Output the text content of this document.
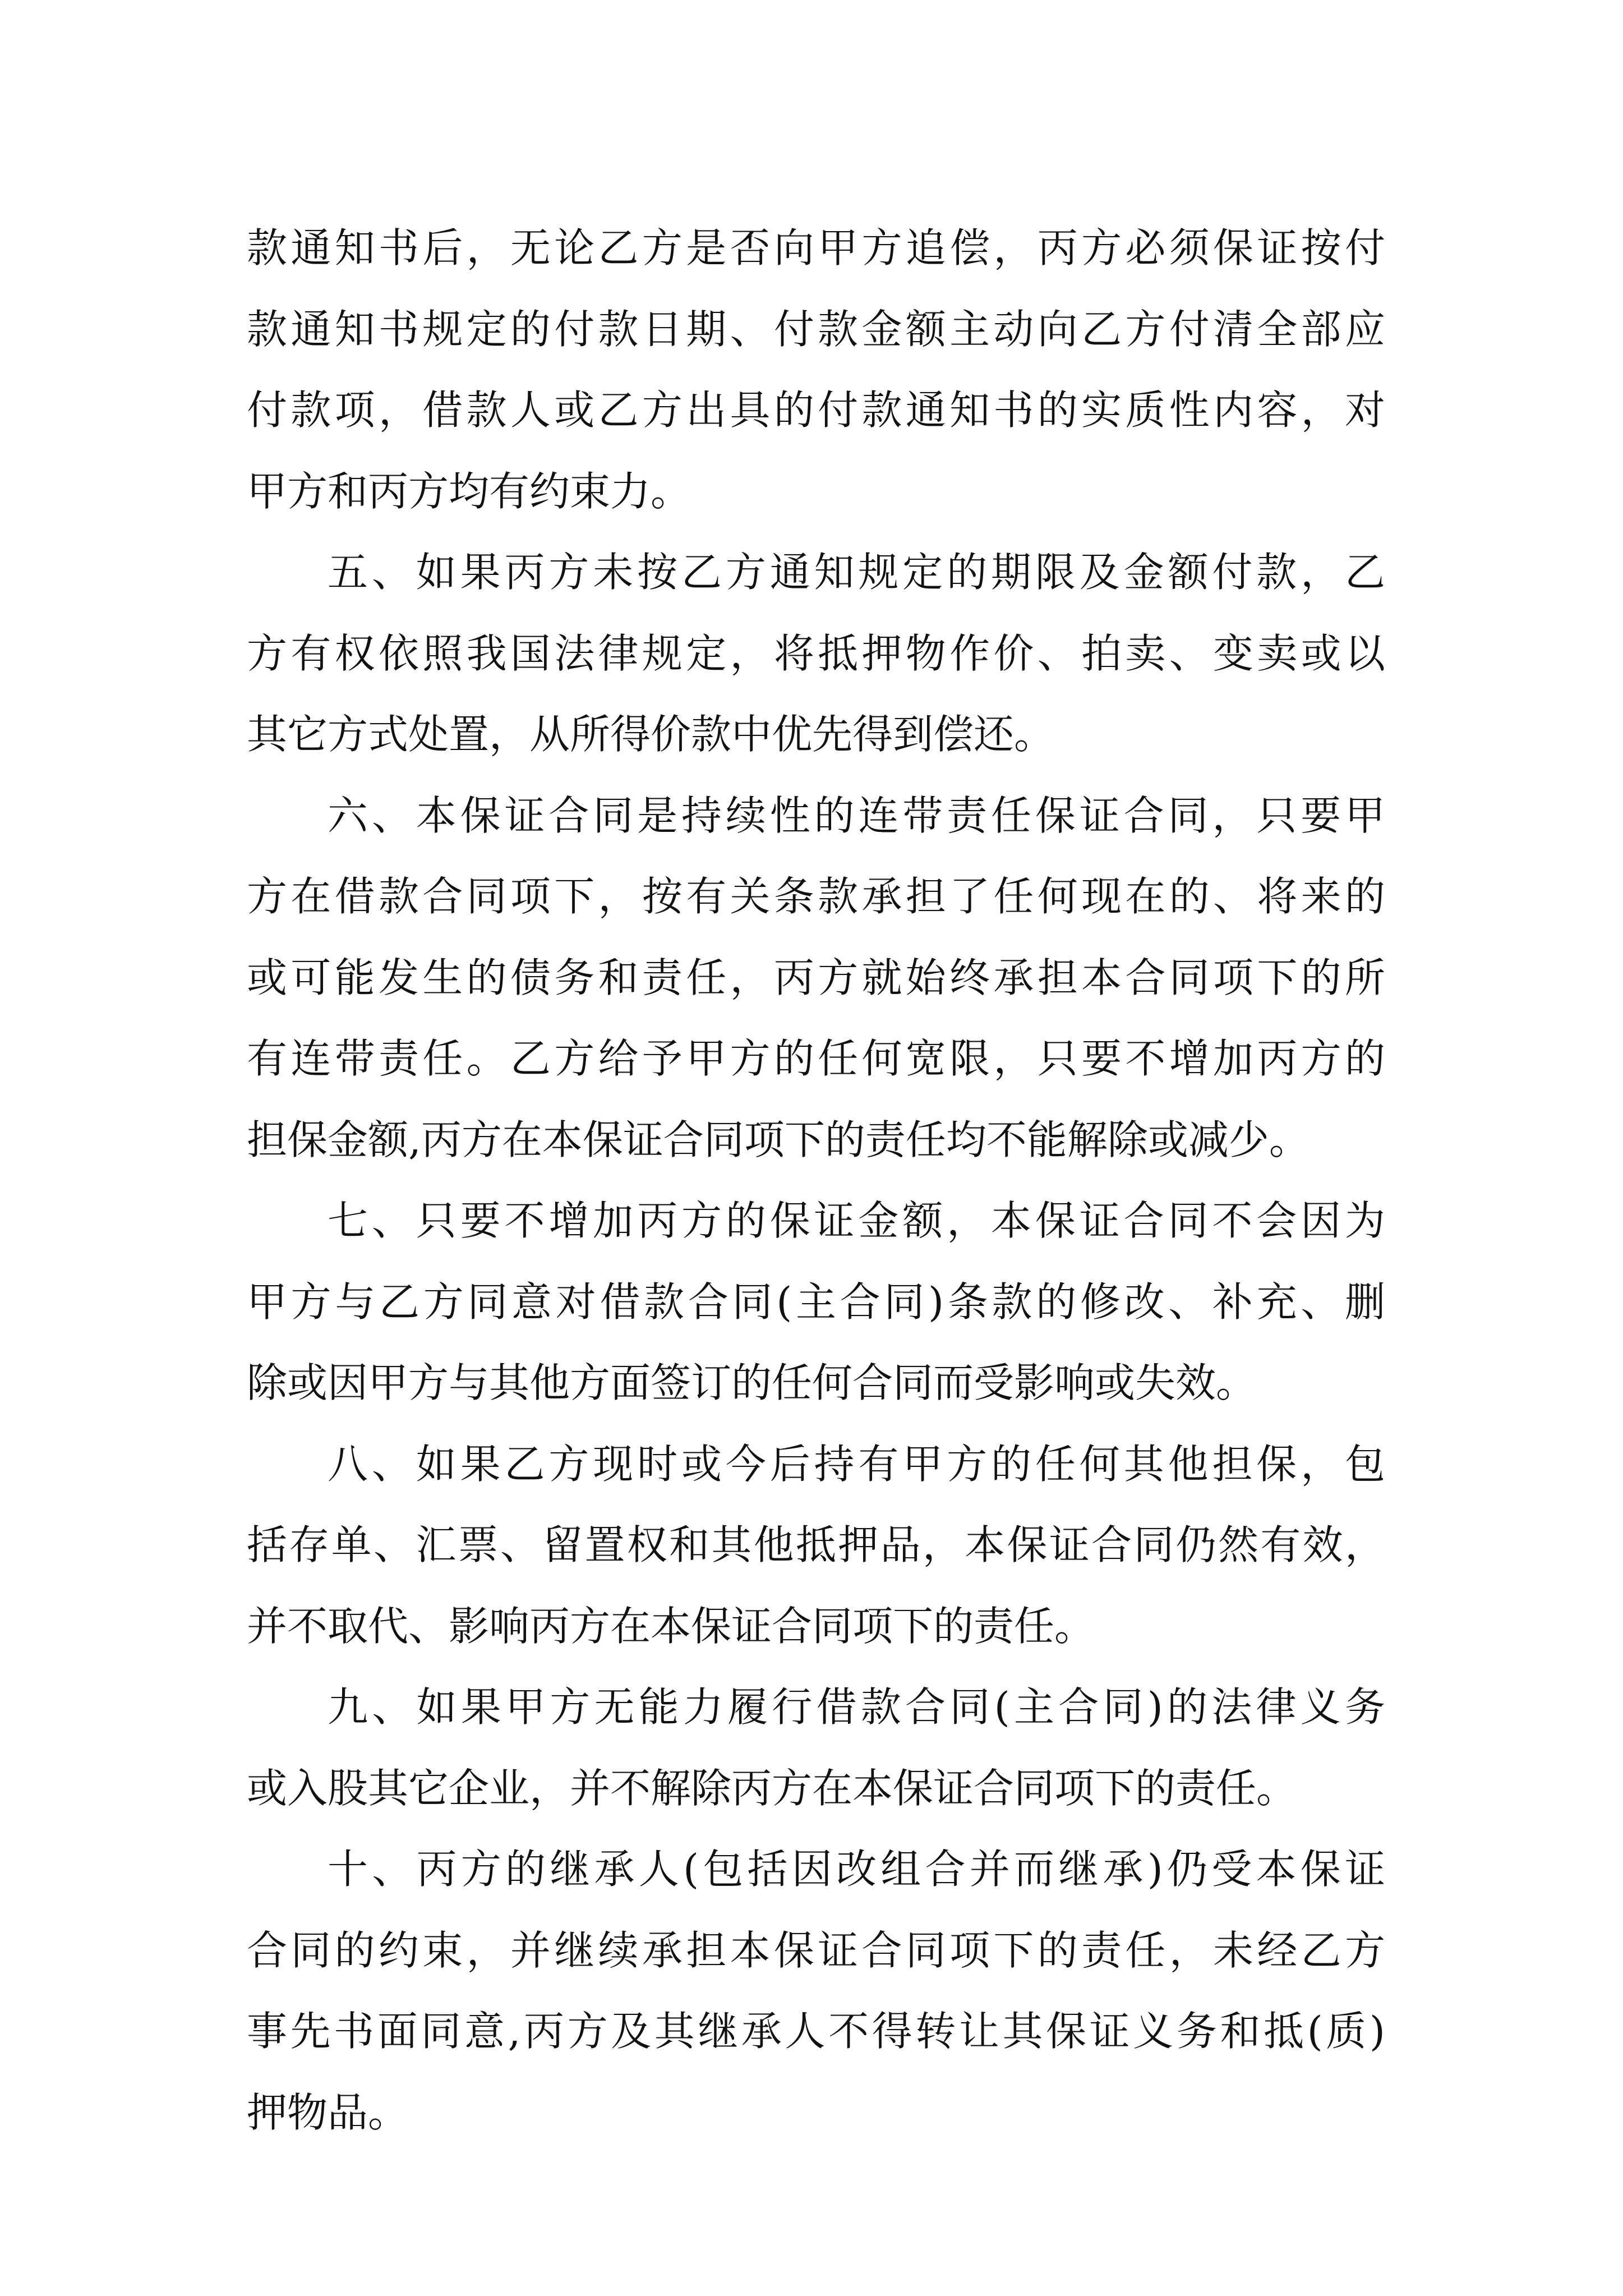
款通知书后，无论乙方是否向甲方追偿，丙方必须保证按付
款通知书规定的付款日期、付款金额主动向乙方付清全部应
付款项，借款人或乙方出具的付款通知书的实质性内容，对
甲方和丙方均有约束力。
五、如果丙方未按乙方通知规定的期限及金额付款，乙
方有权依照我国法律规定，将抵押物作价、拍卖、变卖或以
其它方式处置，从所得价款中优先得到偿还。
六、本保证合同是持续性的连带责任保证合同，只要甲
方在借款合同项下，按有关条款承担了任何现在的、将来的
或可能发生的债务和责任，丙方就始终承担本合同项下的所
有连带责任。乙方给予甲方的任何宽限，只要不增加丙方的
担保金额,丙方在本保证合同项下的责任均不能解除或减少。
七、只要不增加丙方的保证金额，本保证合同不会因为
甲方与乙方同意对借款合同(主合同)条款的修改、补充、删
除或因甲方与其他方面签订的任何合同而受影响或失效。
八、如果乙方现时或今后持有甲方的任何其他担保，包
括存单、汇票、留置权和其他抵押品，本保证合同仍然有效，
并不取代、影响丙方在本保证合同项下的责任。
九、如果甲方无能力履行借款合同(主合同)的法律义务
或入股其它企业，并不解除丙方在本保证合同项下的责任。
十、丙方的继承人(包括因改组合并而继承)仍受本保证
合同的约束，并继续承担本保证合同项下的责任，未经乙方
事先书面同意,丙方及其继承人不得转让其保证义务和抵(质)
押物品。
